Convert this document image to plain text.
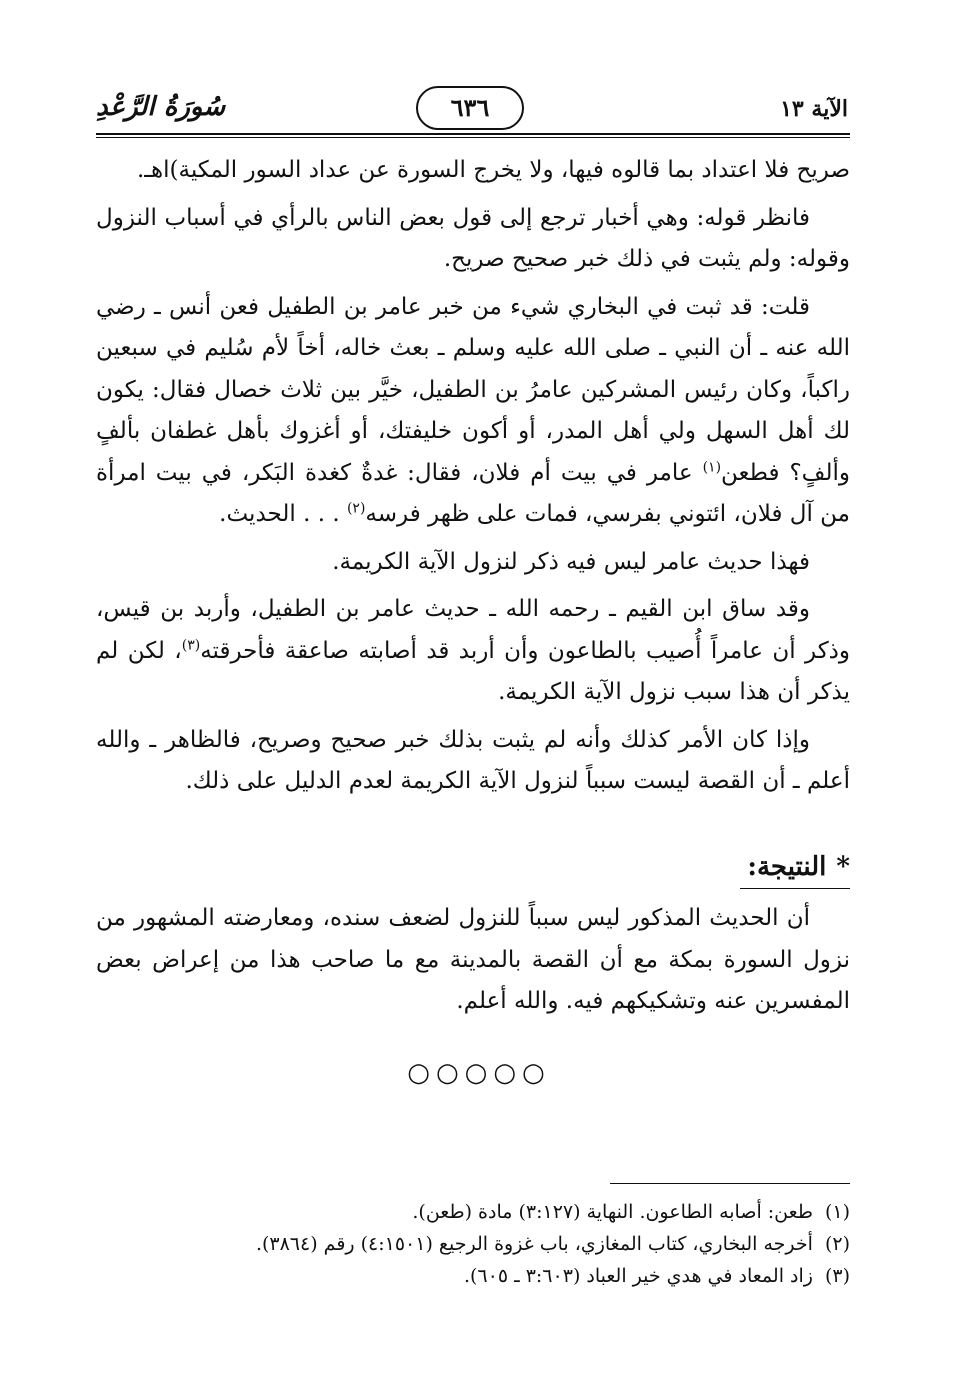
الآية ١٣
٦٣٦
سُورَةُ الرَّعْدِ

صريح فلا اعتداد بما قالوه فيها، ولا يخرج السورة عن عداد السور المكية)اهـ.

فانظر قوله: وهي أخبار ترجع إلى قول بعض الناس بالرأي في أسباب النزول وقوله: ولم يثبت في ذلك خبر صحيح صريح.

قلت: قد ثبت في البخاري شيء من خبر عامر بن الطفيل فعن أنس ـ رضي الله عنه ـ أن النبي ـ صلى الله عليه وسلم ـ بعث خاله، أخاً لأم سُليم في سبعين راكباً، وكان رئيس المشركين عامرُ بن الطفيل، خيَّر بين ثلاث خصال فقال: يكون لك أهل السهل ولي أهل المدر، أو أكون خليفتك، أو أغزوك بأهل غطفان بألفٍ وألفٍ؟ فطعن$^{(١)}$ عامر في بيت أم فلان، فقال: غدةٌ كغدة البَكر، في بيت امرأة من آل فلان، ائتوني بفرسي، فمات على ظهر فرسه$^{(٢)}$ . . . الحديث.

فهذا حديث عامر ليس فيه ذكر لنزول الآية الكريمة.

وقد ساق ابن القيم ـ رحمه الله ـ حديث عامر بن الطفيل، وأربد بن قيس، وذكر أن عامراً أُصيب بالطاعون وأن أربد قد أصابته صاعقة فأحرقته$^{(٣)}$، لكن لم يذكر أن هذا سبب نزول الآية الكريمة.

وإذا كان الأمر كذلك وأنه لم يثبت بذلك خبر صحيح وصريح، فالظاهر ـ والله أعلم ـ أن القصة ليست سبباً لنزول الآية الكريمة لعدم الدليل على ذلك.

*النتيجة:

أن الحديث المذكور ليس سبباً للنزول لضعف سنده، ومعارضته المشهور من نزول السورة بمكة مع أن القصة بالمدينة مع ما صاحب هذا من إعراض بعض المفسرين عنه وتشكيكهم فيه. والله أعلم.

○○○○○
(١)طعن: أصابه الطاعون. النهاية (٣:١٢٧) مادة (طعن).
(٢)أخرجه البخاري، كتاب المغازي، باب غزوة الرجيع (٤:١٥٠١) رقم (٣٨٦٤).
(٣)زاد المعاد في هدي خير العباد (٣:٦٠٣ ـ ٦٠٥).
